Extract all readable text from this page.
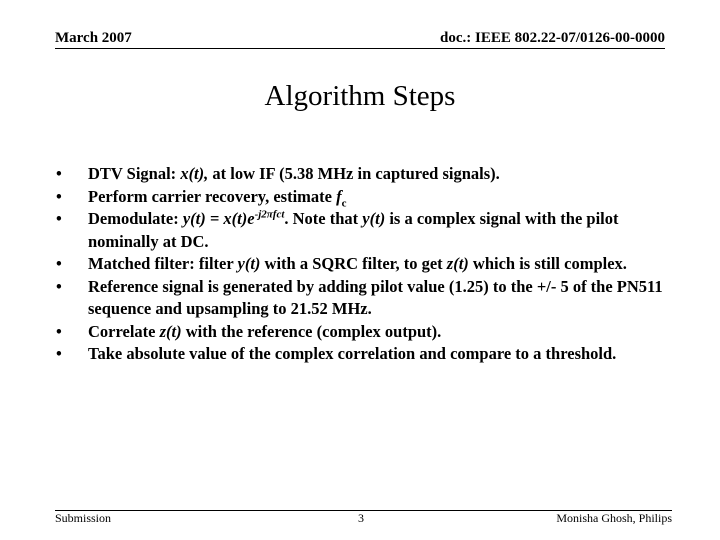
March 2007	doc.: IEEE 802.22-07/0126-00-0000
Algorithm Steps
• DTV Signal: x(t), at low IF (5.38 MHz in captured signals).
• Perform carrier recovery, estimate $f_c$
• Demodulate: $y(t) = x(t)e^{-j2\pi fct}$. Note that y(t) is a complex signal with the pilot nominally at DC.
• Matched filter: filter y(t) with a SQRC filter, to get z(t) which is still complex.
• Reference signal is generated by adding pilot value (1.25) to the +/- 5 of the PN511 sequence and upsampling to 21.52 MHz.
• Correlate z(t) with the reference (complex output).
• Take absolute value of the complex correlation and compare to a threshold.
Submission	3	Monisha Ghosh, Philips
